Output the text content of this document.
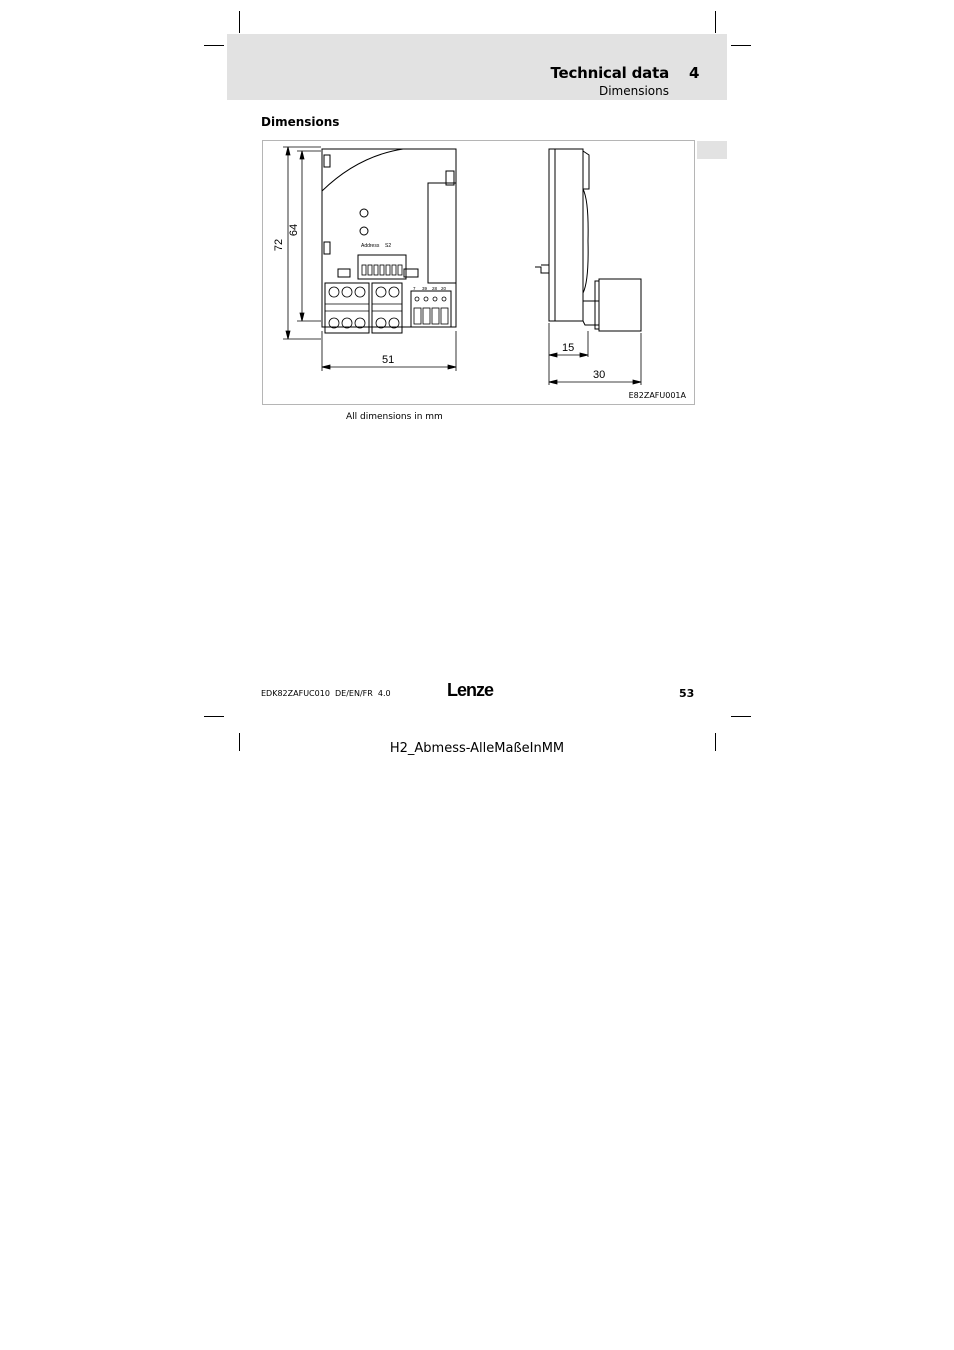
Technical data 4
Dimensions
Dimensions
Address S2
7 39 28 20
72
64
51
15
30
E82ZAFU001A
All dimensions in mm
EDK82ZAFUC010  DE/EN/FR  4.0	Lenze	53
H2_Abmess-AlleMaßeInMM
